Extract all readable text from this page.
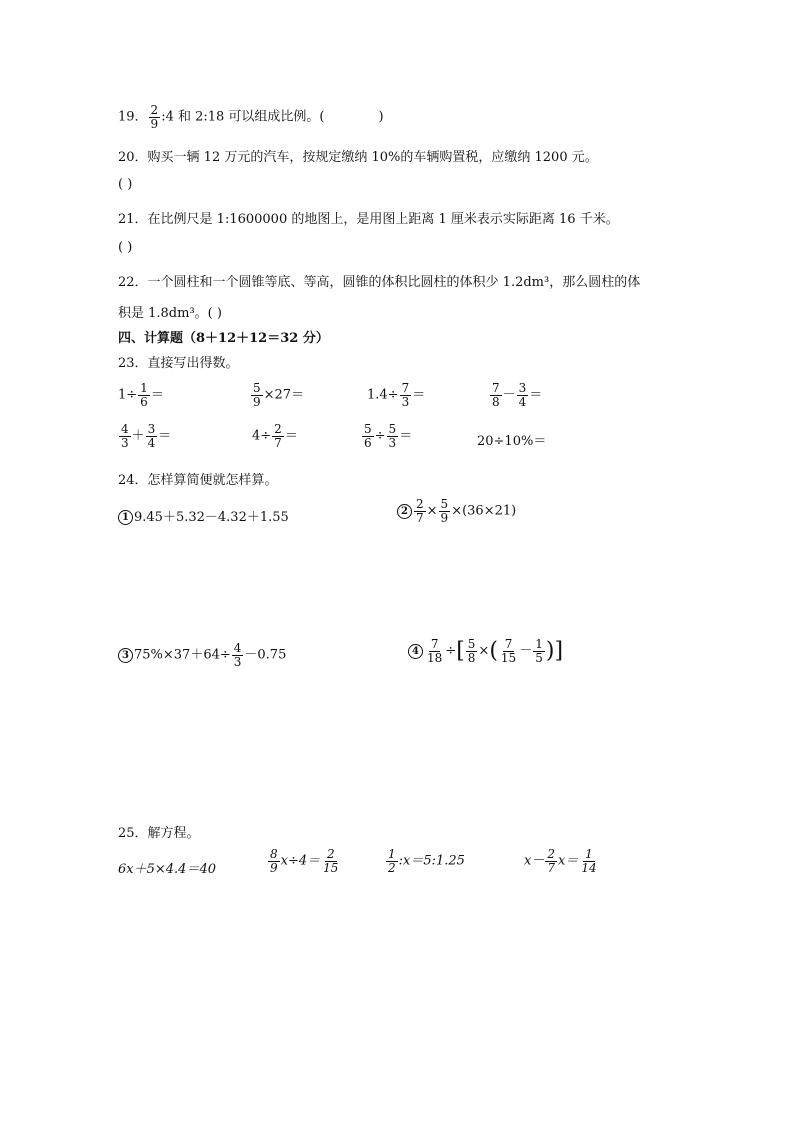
19． $\frac{2}{9}$ :4 和 2:18 可以组成比例。(	)
20．购买一辆 12 万元的汽车，按规定缴纳 10%的车辆购置税，应缴纳 1200 元。
( )
21．在比例尺是 1:1600000 的地图上，是用图上距离 1 厘米表示实际距离 16 千米。
( )
22．一个圆柱和一个圆锥等底、等高，圆锥的体积比圆柱的体积少 1.2dm³，那么圆柱的体
积是 1.8dm³。( )
四、计算题（8＋12＋12＝32 分）
23．直接写出得数。
$1\div \frac{1}{6}$ ＝	$\frac{5}{9} \times 27=$	$1.4\div \frac{7}{3}$ ＝	$\frac{7}{8} - \frac{3}{4}$ ＝
$\frac{4}{3} + \frac{3}{4}$ ＝	$4\div \frac{2}{7}$ ＝	$\frac{5}{6} \div \frac{5}{3}$ ＝	20÷10%＝
24．怎样算简便就怎样算。
1 9.45＋5.32－4.32＋1.55	$2 \frac{2}{7} \times \frac{5}{9} \times(36\times 21)$
3 $75\%\times 37+64\div \frac{4}{3} -0.75$	$4 \frac{7}{18}$ ÷[ $\frac{5}{8}$ ×( $\frac{7}{15} - \frac{1}{5}$ )]
25．解方程。
6x＋5×4.4＝40	$\frac{8}{9} x\div 4= \frac{2}{15}$	$\frac{1}{2}$ :x＝5:1.25	$x- \frac{2}{7} x= \frac{1}{14}$
